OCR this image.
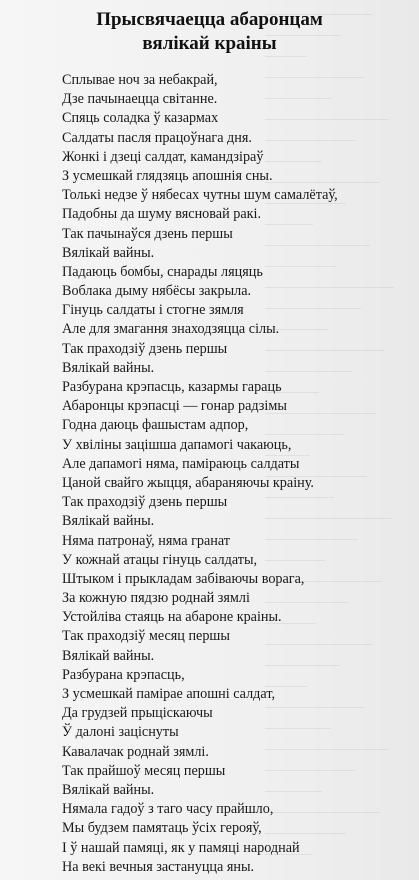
Прысвячаецца абаронцам
вялікай краіны
Сплывае ноч за небакрай,
Дзе пачынаецца світанне.
Спяць соладка ў казармах
Салдаты пасля працоўнага дня.
Жонкі і дзеці салдат, камандзіраў
З усмешкай глядзяць апошнія сны.
Толькі недзе ў нябесах чутны шум самалётаў,
Падобны да шуму вясновай ракі.
Так пачынаўся дзень першы
Вялікай вайны.
Падаюць бомбы, снарады ляцяць
Воблака дыму нябёсы закрыла.
Гінуць салдаты і стогне зямля
Але для змагання знаходзяцца сілы.
Так праходзіў дзень першы
Вялікай вайны.
Разбурана крэпасць, казармы гараць
Абаронцы крэпасці — гонар радзімы
Годна даюць фашыстам адпор,
У хвіліны зацішша дапамогі чакаюць,
Але дапамогі няма, паміраюць салдаты
Цаной свайго жыцця, абараняючы краіну.
Так праходзіў дзень першы
Вялікай вайны.
Няма патронаў, няма гранат
У кожнай атацы гінуць салдаты,
Штыком і прыкладам забіваючы ворага,
За кожную пядзю роднай зямлі
Устойліва стаяць на абароне краіны.
Так праходзіў месяц першы
Вялікай вайны.
Разбурана крэпасць,
З усмешкай памірае апошні салдат,
Да грудзей прыціскаючы
Ў далоні зацiснуты
Кавалачак роднай зямлі.
Так прайшоў месяц першы
Вялікай вайны.
Нямала гадоў з таго часу прайшло,
Мы будзем памятаць ўсіх герояў,
І ў нашай памяці, як у памяці народнай
На векі вечныя застануцца яны.
